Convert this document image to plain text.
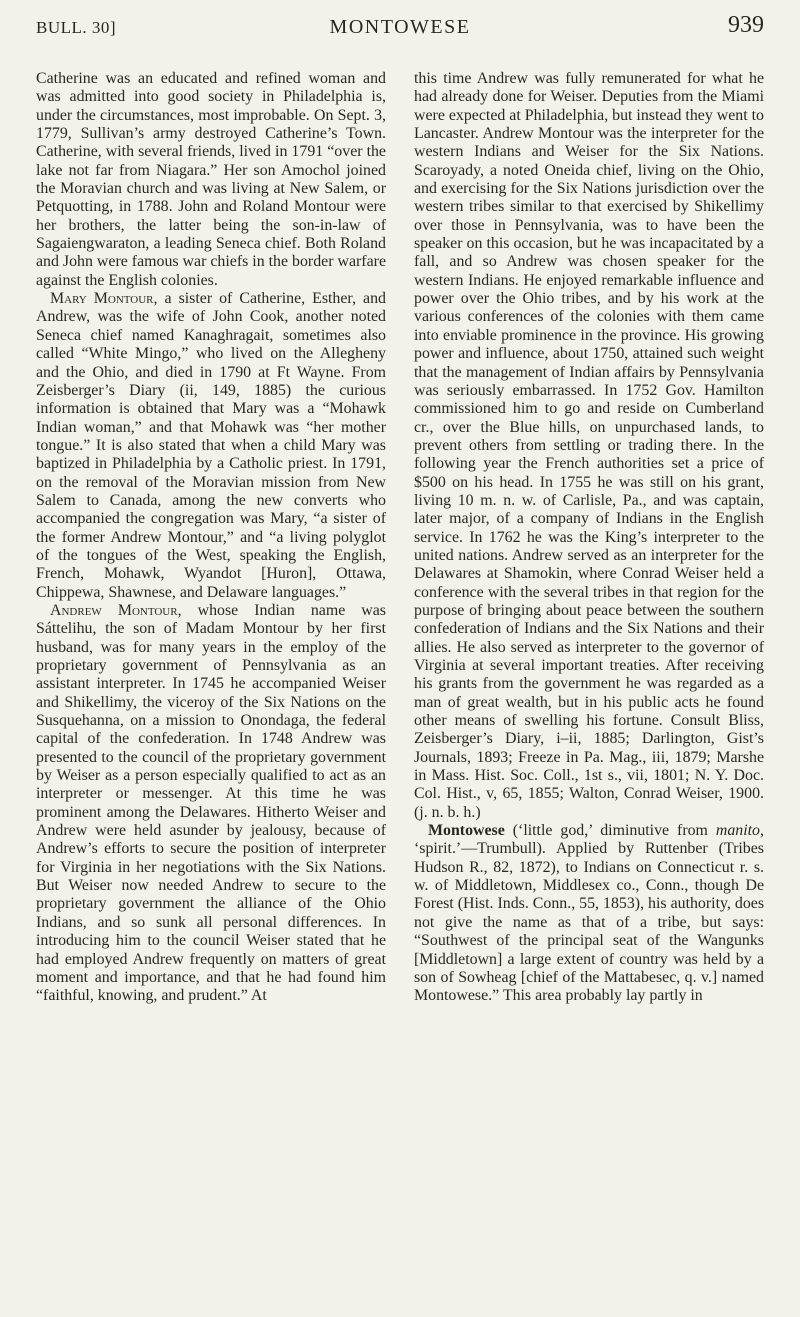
BULL. 30]	MONTOWESE	939

Catherine was an educated and refined woman and was admitted into good society in Philadelphia is, under the circumstances, most improbable. On Sept. 3, 1779, Sullivan’s army destroyed Catherine’s Town. Catherine, with several friends, lived in 1791 “over the lake not far from Niagara.” Her son Amochol joined the Moravian church and was living at New Salem, or Petquotting, in 1788. John and Roland Montour were her brothers, the latter being the son-in-law of Sagaiengwaraton, a leading Seneca chief. Both Roland and John were famous war chiefs in the border warfare against the English colonies.

Mary Montour, a sister of Catherine, Esther, and Andrew, was the wife of John Cook, another noted Seneca chief named Kanaghragait, sometimes also called “White Mingo,” who lived on the Allegheny and the Ohio, and died in 1790 at Ft Wayne. From Zeisberger’s Diary (ii, 149, 1885) the curious information is obtained that Mary was a “Mohawk Indian woman,” and that Mohawk was “her mother tongue.” It is also stated that when a child Mary was baptized in Philadelphia by a Catholic priest. In 1791, on the removal of the Moravian mission from New Salem to Canada, among the new converts who accompanied the congregation was Mary, “a sister of the former Andrew Montour,” and “a living polyglot of the tongues of the West, speaking the English, French, Mohawk, Wyandot [Huron], Ottawa, Chippewa, Shawnese, and Delaware languages.”

Andrew Montour, whose Indian name was Sáttelihu, the son of Madam Montour by her first husband, was for many years in the employ of the proprietary government of Pennsylvania as an assistant interpreter. In 1745 he accompanied Weiser and Shikellimy, the viceroy of the Six Nations on the Susquehanna, on a mission to Onondaga, the federal capital of the confederation. In 1748 Andrew was presented to the council of the proprietary government by Weiser as a person especially qualified to act as an interpreter or messenger. At this time he was prominent among the Delawares. Hitherto Weiser and Andrew were held asunder by jealousy, because of Andrew’s efforts to secure the position of interpreter for Virginia in her negotiations with the Six Nations. But Weiser now needed Andrew to secure to the proprietary government the alliance of the Ohio Indians, and so sunk all personal differences. In introducing him to the council Weiser stated that he had employed Andrew frequently on matters of great moment and importance, and that he had found him “faithful, knowing, and prudent.” At

this time Andrew was fully remunerated for what he had already done for Weiser. Deputies from the Miami were expected at Philadelphia, but instead they went to Lancaster. Andrew Montour was the interpreter for the western Indians and Weiser for the Six Nations. Scaroyady, a noted Oneida chief, living on the Ohio, and exercising for the Six Nations jurisdiction over the western tribes similar to that exercised by Shikellimy over those in Pennsylvania, was to have been the speaker on this occasion, but he was incapacitated by a fall, and so Andrew was chosen speaker for the western Indians. He enjoyed remarkable influence and power over the Ohio tribes, and by his work at the various conferences of the colonies with them came into enviable prominence in the province. His growing power and influence, about 1750, attained such weight that the management of Indian affairs by Pennsylvania was seriously embarrassed. In 1752 Gov. Hamilton commissioned him to go and reside on Cumberland cr., over the Blue hills, on unpurchased lands, to prevent others from settling or trading there. In the following year the French authorities set a price of $500 on his head. In 1755 he was still on his grant, living 10 m. n. w. of Carlisle, Pa., and was captain, later major, of a company of Indians in the English service. In 1762 he was the King’s interpreter to the united nations. Andrew served as an interpreter for the Delawares at Shamokin, where Conrad Weiser held a conference with the several tribes in that region for the purpose of bringing about peace between the southern confederation of Indians and the Six Nations and their allies. He also served as interpreter to the governor of Virginia at several important treaties. After receiving his grants from the government he was regarded as a man of great wealth, but in his public acts he found other means of swelling his fortune. Consult Bliss, Zeisberger’s Diary, i–ii, 1885; Darlington, Gist’s Journals, 1893; Freeze in Pa. Mag., iii, 1879; Marshe in Mass. Hist. Soc. Coll., 1st s., vii, 1801; N. Y. Doc. Col. Hist., v, 65, 1855; Walton, Conrad Weiser, 1900. (j. n. b. h.)

Montowese (‘little god,’ diminutive from manito, ‘spirit.’—Trumbull). Applied by Ruttenber (Tribes Hudson R., 82, 1872), to Indians on Connecticut r. s. w. of Middletown, Middlesex co., Conn., though De Forest (Hist. Inds. Conn., 55, 1853), his authority, does not give the name as that of a tribe, but says: “Southwest of the principal seat of the Wangunks [Middletown] a large extent of country was held by a son of Sowheag [chief of the Mattabesec, q. v.] named Montowese.” This area probably lay partly in
